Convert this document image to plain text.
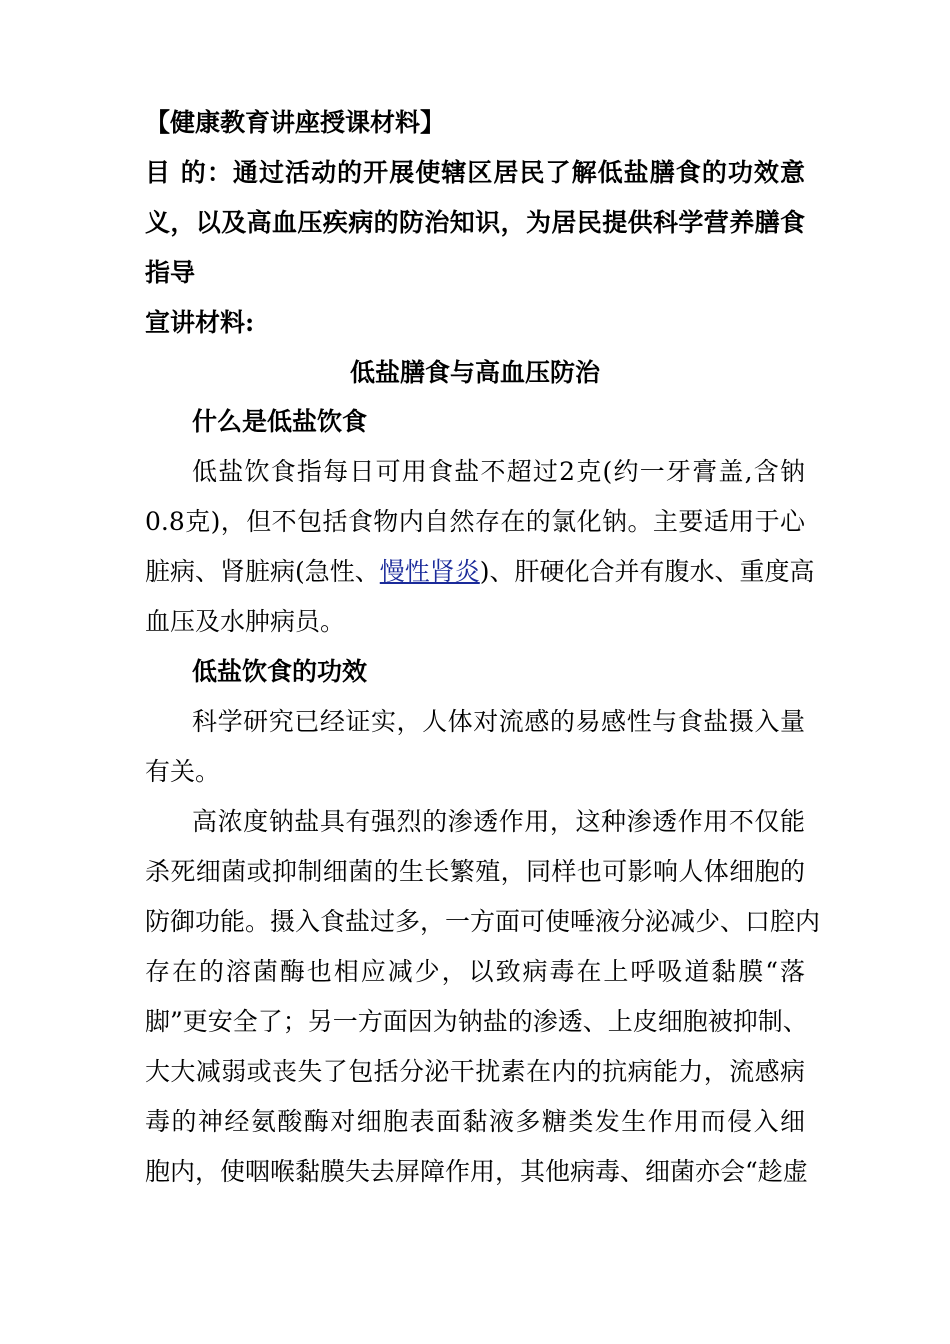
【健康教育讲座授课材料】
目 的：通过活动的开展使辖区居民了解低盐膳食的功效意
义，以及高血压疾病的防治知识，为居民提供科学营养膳食
指导
宣讲材料:
低盐膳食与高血压防治
什么是低盐饮食
低盐饮食指每日可用食盐不超过2克(约一牙膏盖,含钠
0.8克)，但不包括食物内自然存在的氯化钠。主要适用于心
脏病、肾脏病(急性、慢性肾炎)、肝硬化合并有腹水、重度高
血压及水肿病员。
低盐饮食的功效
科学研究已经证实，人体对流感的易感性与食盐摄入量
有关。
高浓度钠盐具有强烈的渗透作用，这种渗透作用不仅能
杀死细菌或抑制细菌的生长繁殖，同样也可影响人体细胞的
防御功能。摄入食盐过多，一方面可使唾液分泌减少、口腔内
存在的溶菌酶也相应减少，以致病毒在上呼吸道黏膜“落
脚”更安全了；另一方面因为钠盐的渗透、上皮细胞被抑制、
大大减弱或丧失了包括分泌干扰素在内的抗病能力，流感病
毒的神经氨酸酶对细胞表面黏液多糖类发生作用而侵入细
胞内，使咽喉黏膜失去屏障作用，其他病毒、细菌亦会“趁虚
